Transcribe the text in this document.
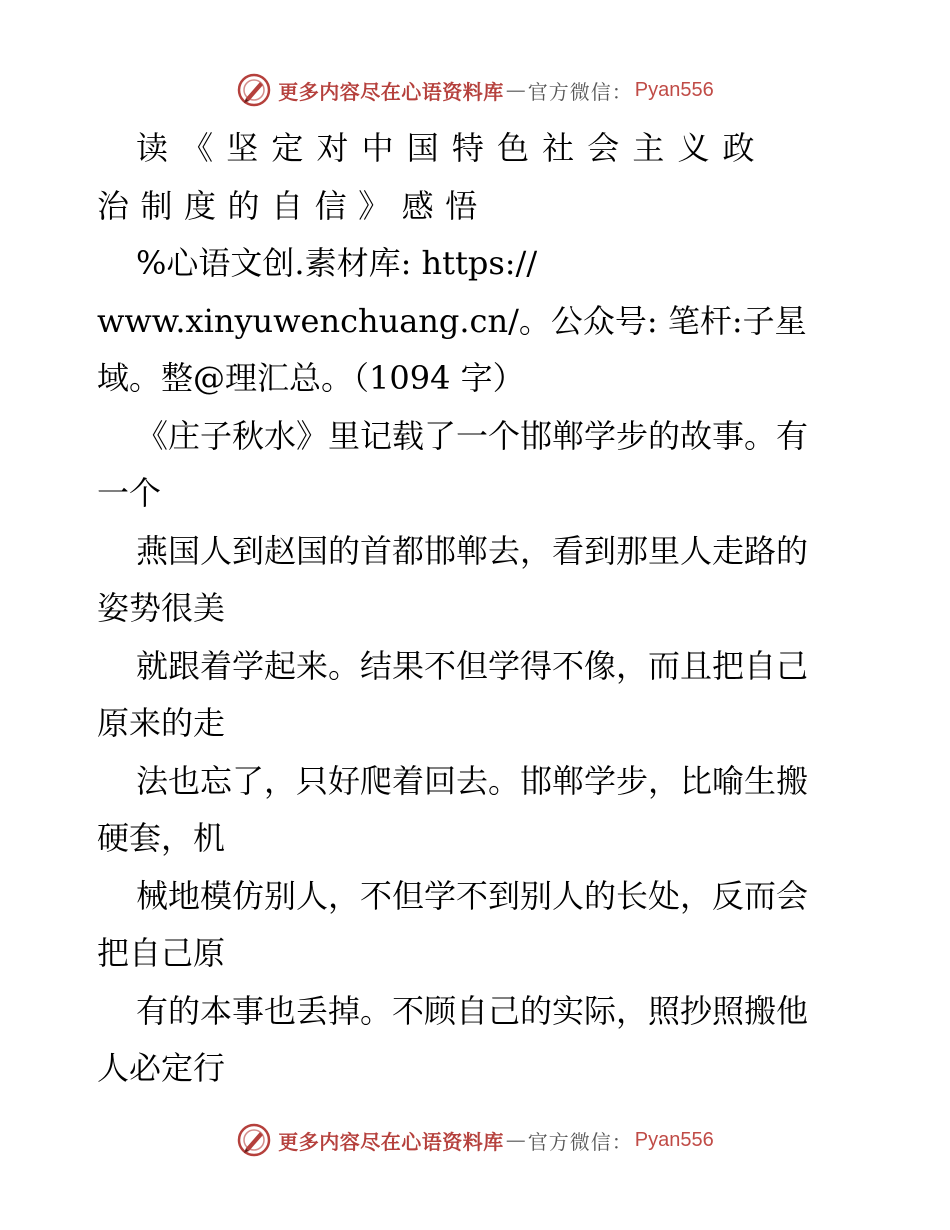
更多内容尽在心语资料库 — 官方微信： Pyan556

读《坚定对中国特色社会主义政

治制度的自信》感悟

%心语文创.素材库: https://

www.xinyuwenchuang.cn/。公众号: 笔杆:子星

域。整@理汇总。（1094 字）

《庄子秋水》里记载了一个邯郸学步的故事。有

一个

燕国人到赵国的首都邯郸去，看到那里人走路的

姿势很美

就跟着学起来。结果不但学得不像，而且把自己

原来的走

法也忘了，只好爬着回去。邯郸学步，比喻生搬

硬套，机

械地模仿别人，不但学不到别人的长处，反而会

把自己原

有的本事也丢掉。不顾自己的实际，照抄照搬他

人必定行

更多内容尽在心语资料库 — 官方微信： Pyan556
